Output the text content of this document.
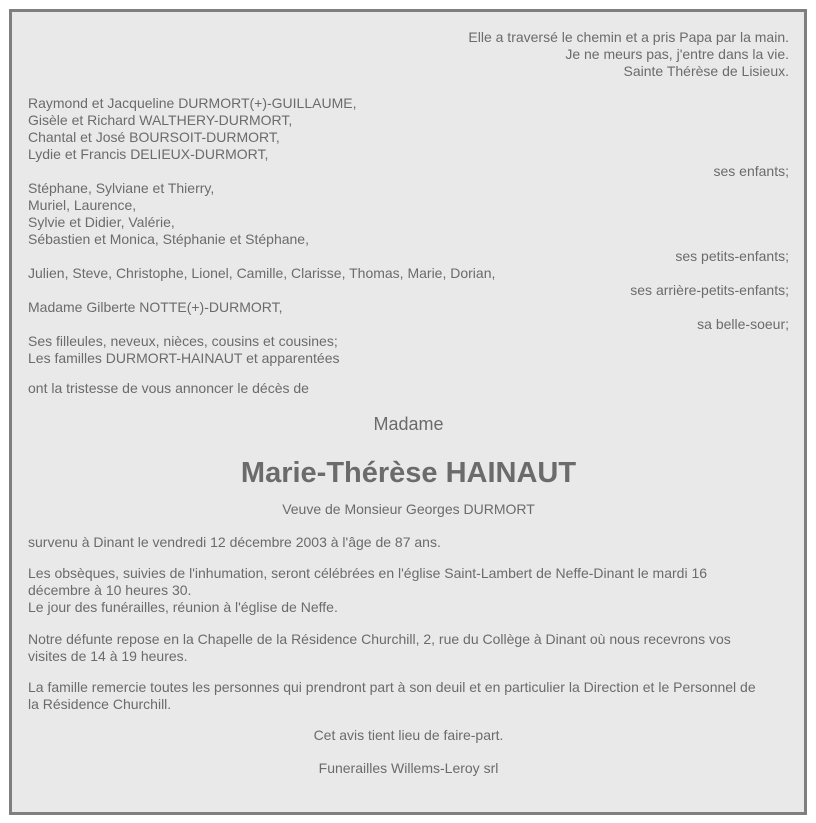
Elle a traversé le chemin et a pris Papa par la main.
Je ne meurs pas, j'entre dans la vie.
Sainte Thérèse de Lisieux.
Raymond et Jacqueline DURMORT(+)-GUILLAUME,
Gisèle et Richard WALTHERY-DURMORT,
Chantal et José BOURSOIT-DURMORT,
Lydie et Francis DELIEUX-DURMORT,
ses enfants;
Stéphane, Sylviane et Thierry,
Muriel, Laurence,
Sylvie et Didier, Valérie,
Sébastien et Monica, Stéphanie et Stéphane,
ses petits-enfants;
Julien, Steve, Christophe, Lionel, Camille, Clarisse, Thomas, Marie, Dorian,
ses arrière-petits-enfants;
Madame Gilberte NOTTE(+)-DURMORT,
sa belle-soeur;
Ses filleules, neveux, nièces, cousins et cousines;
Les familles DURMORT-HAINAUT et apparentées
ont la tristesse de vous annoncer le décès de
Madame
Marie-Thérèse HAINAUT
Veuve de Monsieur Georges DURMORT
survenu à Dinant le vendredi 12 décembre 2003 à l'âge de 87 ans.
Les obsèques, suivies de l'inhumation, seront célébrées en l'église Saint-Lambert de Neffe-Dinant le mardi 16
décembre à 10 heures 30.
Le jour des funérailles, réunion à l'église de Neffe.
Notre défunte repose en la Chapelle de la Résidence Churchill, 2, rue du Collège à Dinant où nous recevrons vos
visites de 14 à 19 heures.
La famille remercie toutes les personnes qui prendront part à son deuil et en particulier la Direction et le Personnel de
la Résidence Churchill.
Cet avis tient lieu de faire-part.
Funerailles Willems-Leroy srl
